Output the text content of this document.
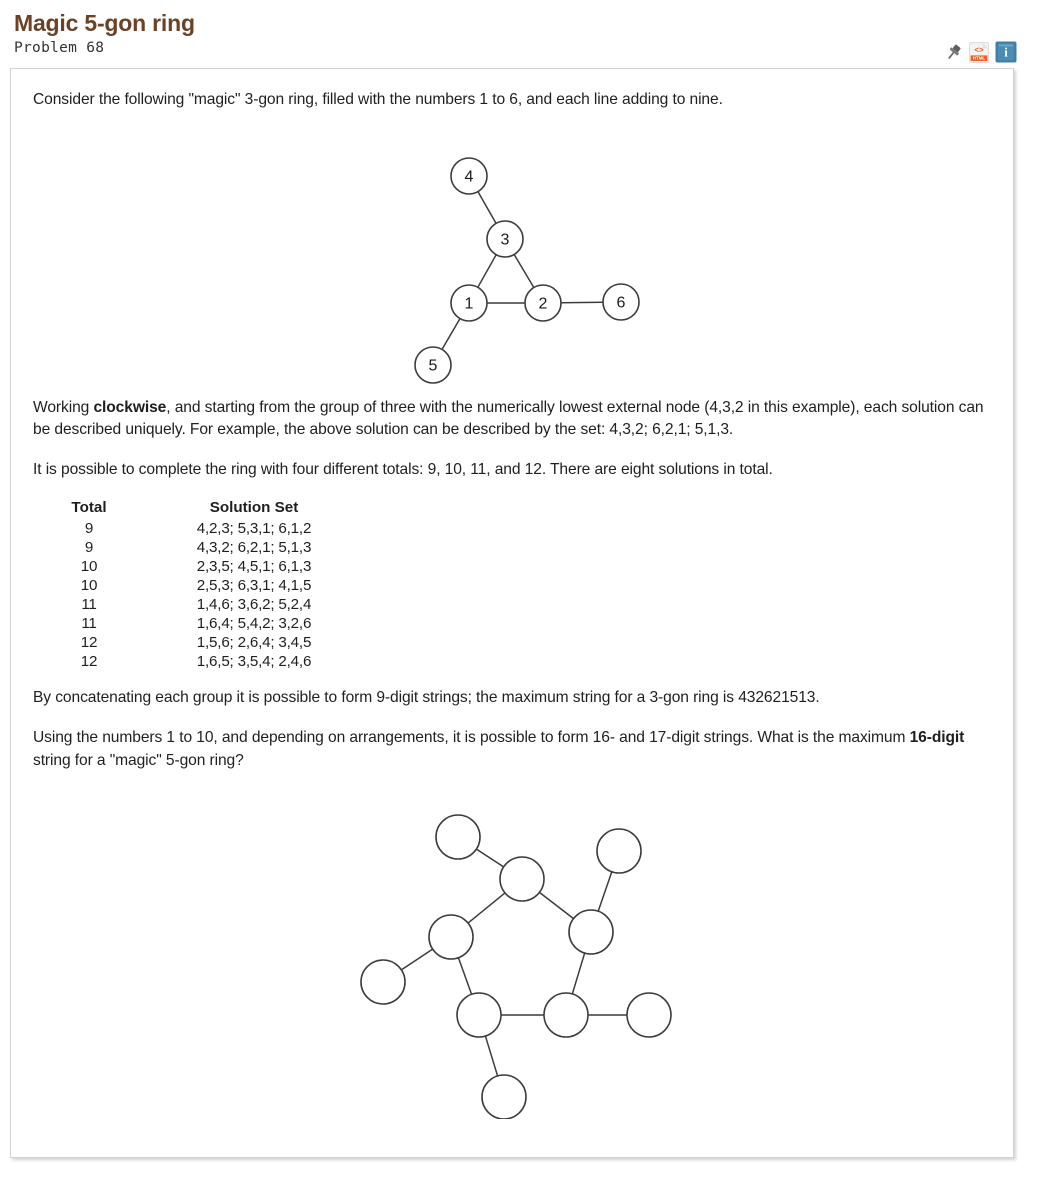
Magic 5-gon ring
Problem 68	<>
HTML i

Consider the following "magic" 3-gon ring, filled with the numbers 1 to 6, and each line adding to nine.

4
3
1	2	6
5

Working clockwise, and starting from the group of three with the numerically lowest external node (4,3,2 in this example), each solution can be described uniquely. For example, the above solution can be described by the set: 4,3,2; 6,2,1; 5,1,3.

It is possible to complete the ring with four different totals: 9, 10, 11, and 12. There are eight solutions in total.

Total	Solution Set
9	4,2,3; 5,3,1; 6,1,2
9	4,3,2; 6,2,1; 5,1,3
10	2,3,5; 4,5,1; 6,1,3
10	2,5,3; 6,3,1; 4,1,5
11	1,4,6; 3,6,2; 5,2,4
11	1,6,4; 5,4,2; 3,2,6
12	1,5,6; 2,6,4; 3,4,5
12	1,6,5; 3,5,4; 2,4,6

By concatenating each group it is possible to form 9-digit strings; the maximum string for a 3-gon ring is 432621513.

Using the numbers 1 to 10, and depending on arrangements, it is possible to form 16- and 17-digit strings. What is the maximum 16-digit string for a "magic" 5-gon ring?
